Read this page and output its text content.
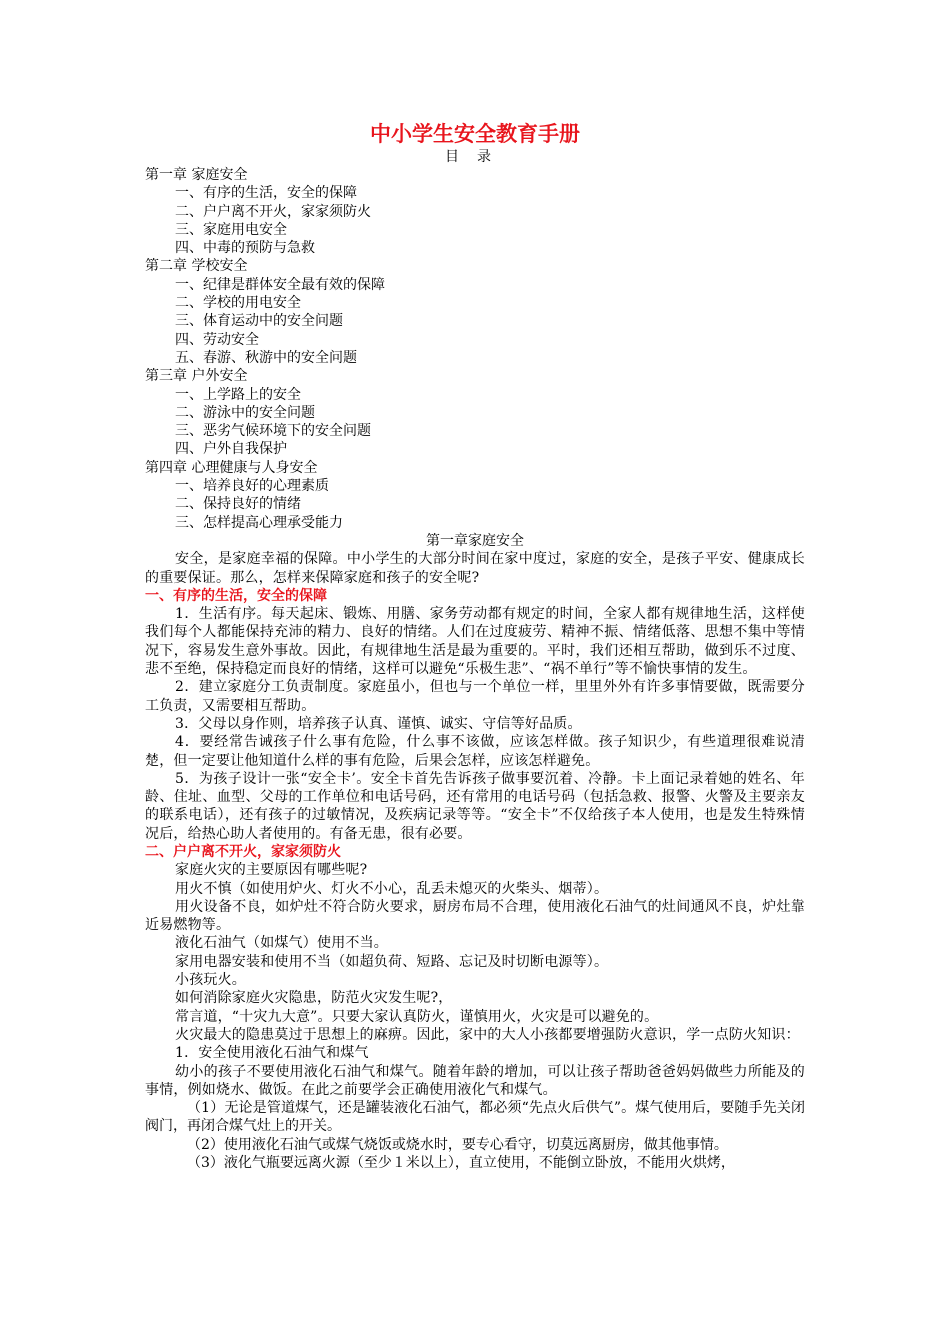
中小学生安全教育手册
目录
第一章 家庭安全
一、有序的生活，安全的保障
二、户户离不开火，家家须防火
三、家庭用电安全
四、中毒的预防与急救
第二章 学校安全
一、纪律是群体安全最有效的保障
二、学校的用电安全
三、体育运动中的安全问题
四、劳动安全
五、春游、秋游中的安全问题
第三章 户外安全
一、上学路上的安全
二、游泳中的安全问题
三、恶劣气候环境下的安全问题
四、户外自我保护
第四章 心理健康与人身安全
一、培养良好的心理素质
二、保持良好的情绪
三、怎样提高心理承受能力
第一章家庭安全

安全，是家庭幸福的保障。中小学生的大部分时间在家中度过，家庭的安全，是孩子平安、健康成长的重要保证。那么，怎样来保障家庭和孩子的安全呢?

一、有序的生活，安全的保障

1．生活有序。每天起床、锻炼、用膳、家务劳动都有规定的时间，全家人都有规律地生活，这样使我们每个人都能保持充沛的精力、良好的情绪。人们在过度疲劳、精神不振、情绪低落、思想不集中等情况下，容易发生意外事故。因此，有规律地生活是最为重要的。平时，我们还相互帮助，做到乐不过度、悲不至绝，保持稳定而良好的情绪，这样可以避免“乐极生悲”、“祸不单行”等不愉快事情的发生。

2．建立家庭分工负责制度。家庭虽小，但也与一个单位一样，里里外外有许多事情要做，既需要分工负责，又需要相互帮助。

3．父母以身作则，培养孩子认真、谨慎、诚实、守信等好品质。

4．要经常告诫孩子什么事有危险，什么事不该做，应该怎样做。孩子知识少，有些道理很难说清楚，但一定要让他知道什么样的事有危险，后果会怎样，应该怎样避免。

5．为孩子设计一张“安全卡’。安全卡首先告诉孩子做事要沉着、冷静。卡上面记录着她的姓名、年龄、住址、血型、父母的工作单位和电话号码，还有常用的电话号码（包括急救、报警、火警及主要亲友的联系电话），还有孩子的过敏情况，及疾病记录等等。“安全卡”不仅给孩子本人使用，也是发生特殊情况后，给热心助人者使用的。有备无患，很有必要。

二、户户离不开火，家家须防火

家庭火灾的主要原因有哪些呢?

用火不慎（如使用炉火、灯火不小心，乱丢未熄灭的火柴头、烟蒂）。

用火设备不良，如炉灶不符合防火要求，厨房布局不合理，使用液化石油气的灶间通风不良，炉灶靠近易燃物等。

液化石油气（如煤气）使用不当。

家用电器安装和使用不当（如超负荷、短路、忘记及时切断电源等）。

小孩玩火。

如何消除家庭火灾隐患，防范火灾发生呢?，

常言道，“十灾九大意”。只要大家认真防火，谨慎用火，火灾是可以避免的。

火灾最大的隐患莫过于思想上的麻痹。因此，家中的大人小孩都要增强防火意识，学一点防火知识：

1．安全使用液化石油气和煤气

幼小的孩子不要使用液化石油气和煤气。随着年龄的增加，可以让孩子帮助爸爸妈妈做些力所能及的事情，例如烧水、做饭。在此之前要学会正确使用液化气和煤气。

（1）无论是管道煤气，还是罐装液化石油气，都必须“先点火后供气”。煤气使用后，要随手先关闭阀门，再闭合煤气灶上的开关。

（2）使用液化石油气或煤气烧饭或烧水时，要专心看守，切莫远离厨房，做其他事情。

（3）液化气瓶要远离火源（至少１米以上），直立使用，不能倒立卧放，不能用火烘烤，
